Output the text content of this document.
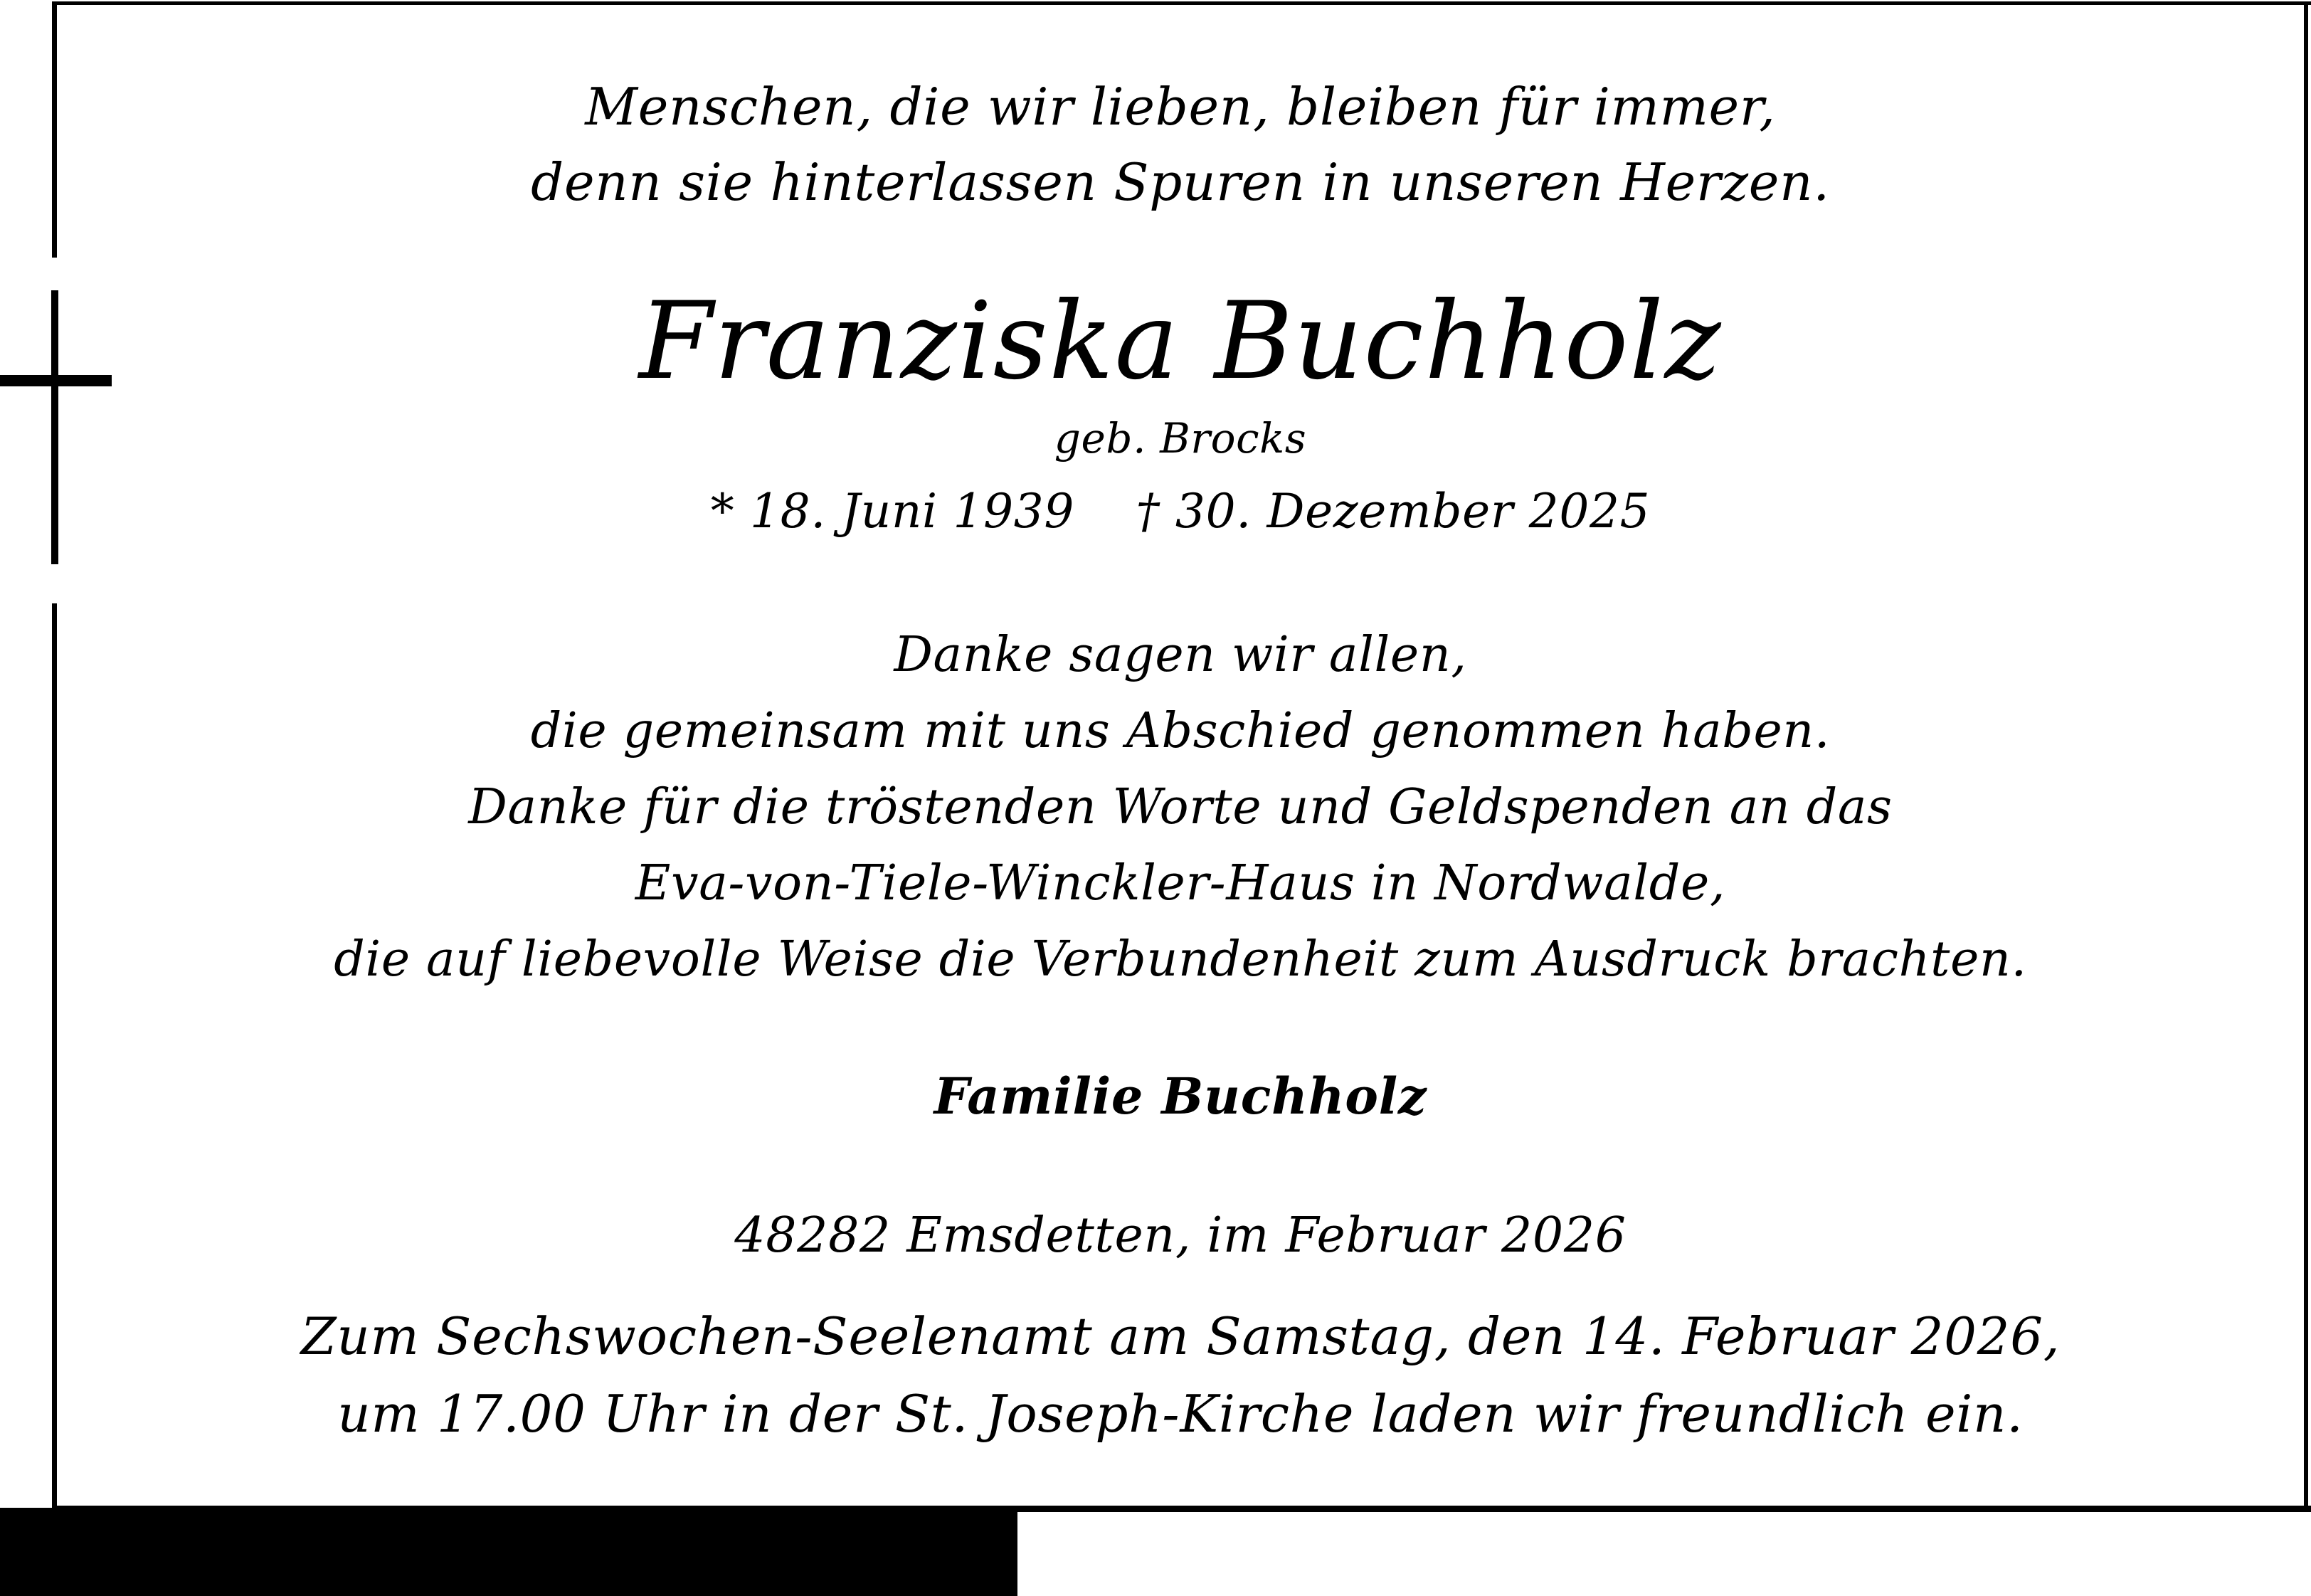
Menschen, die wir lieben, bleiben für immer,
denn sie hinterlassen Spuren in unseren Herzen.
Franziska Buchholz
geb. Brocks
* 18. Juni 1939    † 30. Dezember 2025
Danke sagen wir allen,
die gemeinsam mit uns Abschied genommen haben.
Danke für die tröstenden Worte und Geldspenden an das
Eva-von-Tiele-Winckler-Haus in Nordwalde,
die auf liebevolle Weise die Verbundenheit zum Ausdruck brachten.
Familie Buchholz
48282 Emsdetten, im Februar 2026
Zum Sechswochen-Seelenamt am Samstag, den 14. Februar 2026,
um 17.00 Uhr in der St. Joseph-Kirche laden wir freundlich ein.
